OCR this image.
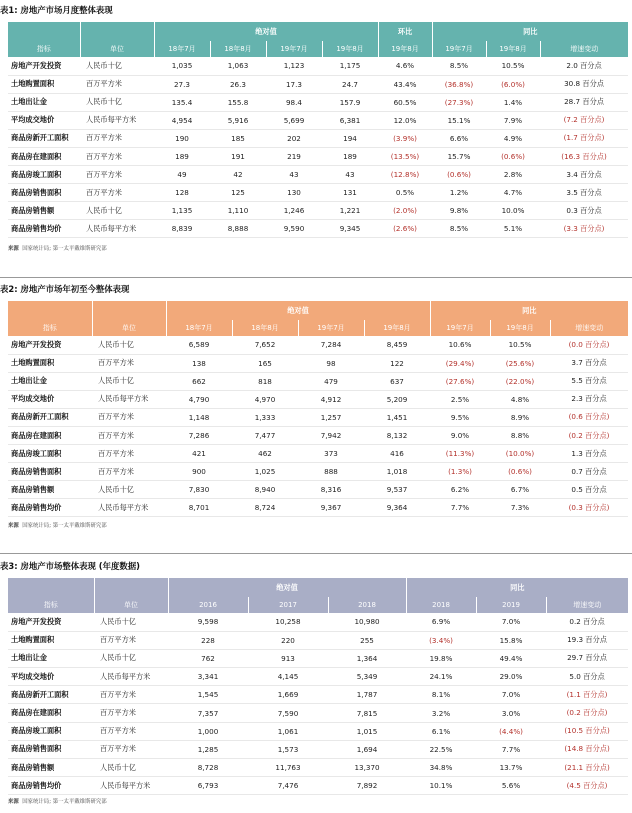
表1: 房地产市场月度整体表现
		绝对值				环比	同比		
指标	单位	18年7月	18年8月	19年7月	19年8月	19年8月	19年7月	19年8月	增速变动
房地产开发投资	人民币十亿	1,035	1,063	1,123	1,175	4.6%	8.5%	10.5%	2.0 百分点
土地购置面积	百万平方米	27.3	26.3	17.3	24.7	43.4%	(36.8%)	(6.0%)	30.8 百分点
土地出让金	人民币十亿	135.4	155.8	98.4	157.9	60.5%	(27.3%)	1.4%	28.7 百分点
平均成交地价	人民币每平方米	4,954	5,916	5,699	6,381	12.0%	15.1%	7.9%	(7.2 百分点)
商品房新开工面积	百万平方米	190	185	202	194	(3.9%)	6.6%	4.9%	(1.7 百分点)
商品房在建面积	百万平方米	189	191	219	189	(13.5%)	15.7%	(0.6%)	(16.3 百分点)
商品房竣工面积	百万平方米	49	42	43	43	(12.8%)	(0.6%)	2.8%	3.4 百分点
商品房销售面积	百万平方米	128	125	130	131	0.5%	1.2%	4.7%	3.5 百分点
商品房销售额	人民币十亿	1,135	1,110	1,246	1,221	(2.0%)	9.8%	10.0%	0.3 百分点
商品房销售均价	人民币每平方米	8,839	8,888	9,590	9,345	(2.6%)	8.5%	5.1%	(3.3 百分点)
来源 国家统计局; 第一太平戴维斯研究部
表2: 房地产市场年初至今整体表现
		绝对值				同比		
指标	单位	18年7月	18年8月	19年7月	19年8月	19年7月	19年8月	增速变动
房地产开发投资	人民币十亿	6,589	7,652	7,284	8,459	10.6%	10.5%	(0.0 百分点)
土地购置面积	百万平方米	138	165	98	122	(29.4%)	(25.6%)	3.7 百分点
土地出让金	人民币十亿	662	818	479	637	(27.6%)	(22.0%)	5.5 百分点
平均成交地价	人民币每平方米	4,790	4,970	4,912	5,209	2.5%	4.8%	2.3 百分点
商品房新开工面积	百万平方米	1,148	1,333	1,257	1,451	9.5%	8.9%	(0.6 百分点)
商品房在建面积	百万平方米	7,286	7,477	7,942	8,132	9.0%	8.8%	(0.2 百分点)
商品房竣工面积	百万平方米	421	462	373	416	(11.3%)	(10.0%)	1.3 百分点
商品房销售面积	百万平方米	900	1,025	888	1,018	(1.3%)	(0.6%)	0.7 百分点
商品房销售额	人民币十亿	7,830	8,940	8,316	9,537	6.2%	6.7%	0.5 百分点
商品房销售均价	人民币每平方米	8,701	8,724	9,367	9,364	7.7%	7.3%	(0.3 百分点)
来源 国家统计局; 第一太平戴维斯研究部
表3: 房地产市场整体表现 (年度数据)
		绝对值			同比		
指标	单位	2016	2017	2018	2018	2019	增速变动
房地产开发投资	人民币十亿	9,598	10,258	10,980	6.9%	7.0%	0.2 百分点
土地购置面积	百万平方米	228	220	255	(3.4%)	15.8%	19.3 百分点
土地出让金	人民币十亿	762	913	1,364	19.8%	49.4%	29.7 百分点
平均成交地价	人民币每平方米	3,341	4,145	5,349	24.1%	29.0%	5.0 百分点
商品房新开工面积	百万平方米	1,545	1,669	1,787	8.1%	7.0%	(1.1 百分点)
商品房在建面积	百万平方米	7,357	7,590	7,815	3.2%	3.0%	(0.2 百分点)
商品房竣工面积	百万平方米	1,000	1,061	1,015	6.1%	(4.4%)	(10.5 百分点)
商品房销售面积	百万平方米	1,285	1,573	1,694	22.5%	7.7%	(14.8 百分点)
商品房销售额	人民币十亿	8,728	11,763	13,370	34.8%	13.7%	(21.1 百分点)
商品房销售均价	人民币每平方米	6,793	7,476	7,892	10.1%	5.6%	(4.5 百分点)
来源 国家统计局; 第一太平戴维斯研究部
